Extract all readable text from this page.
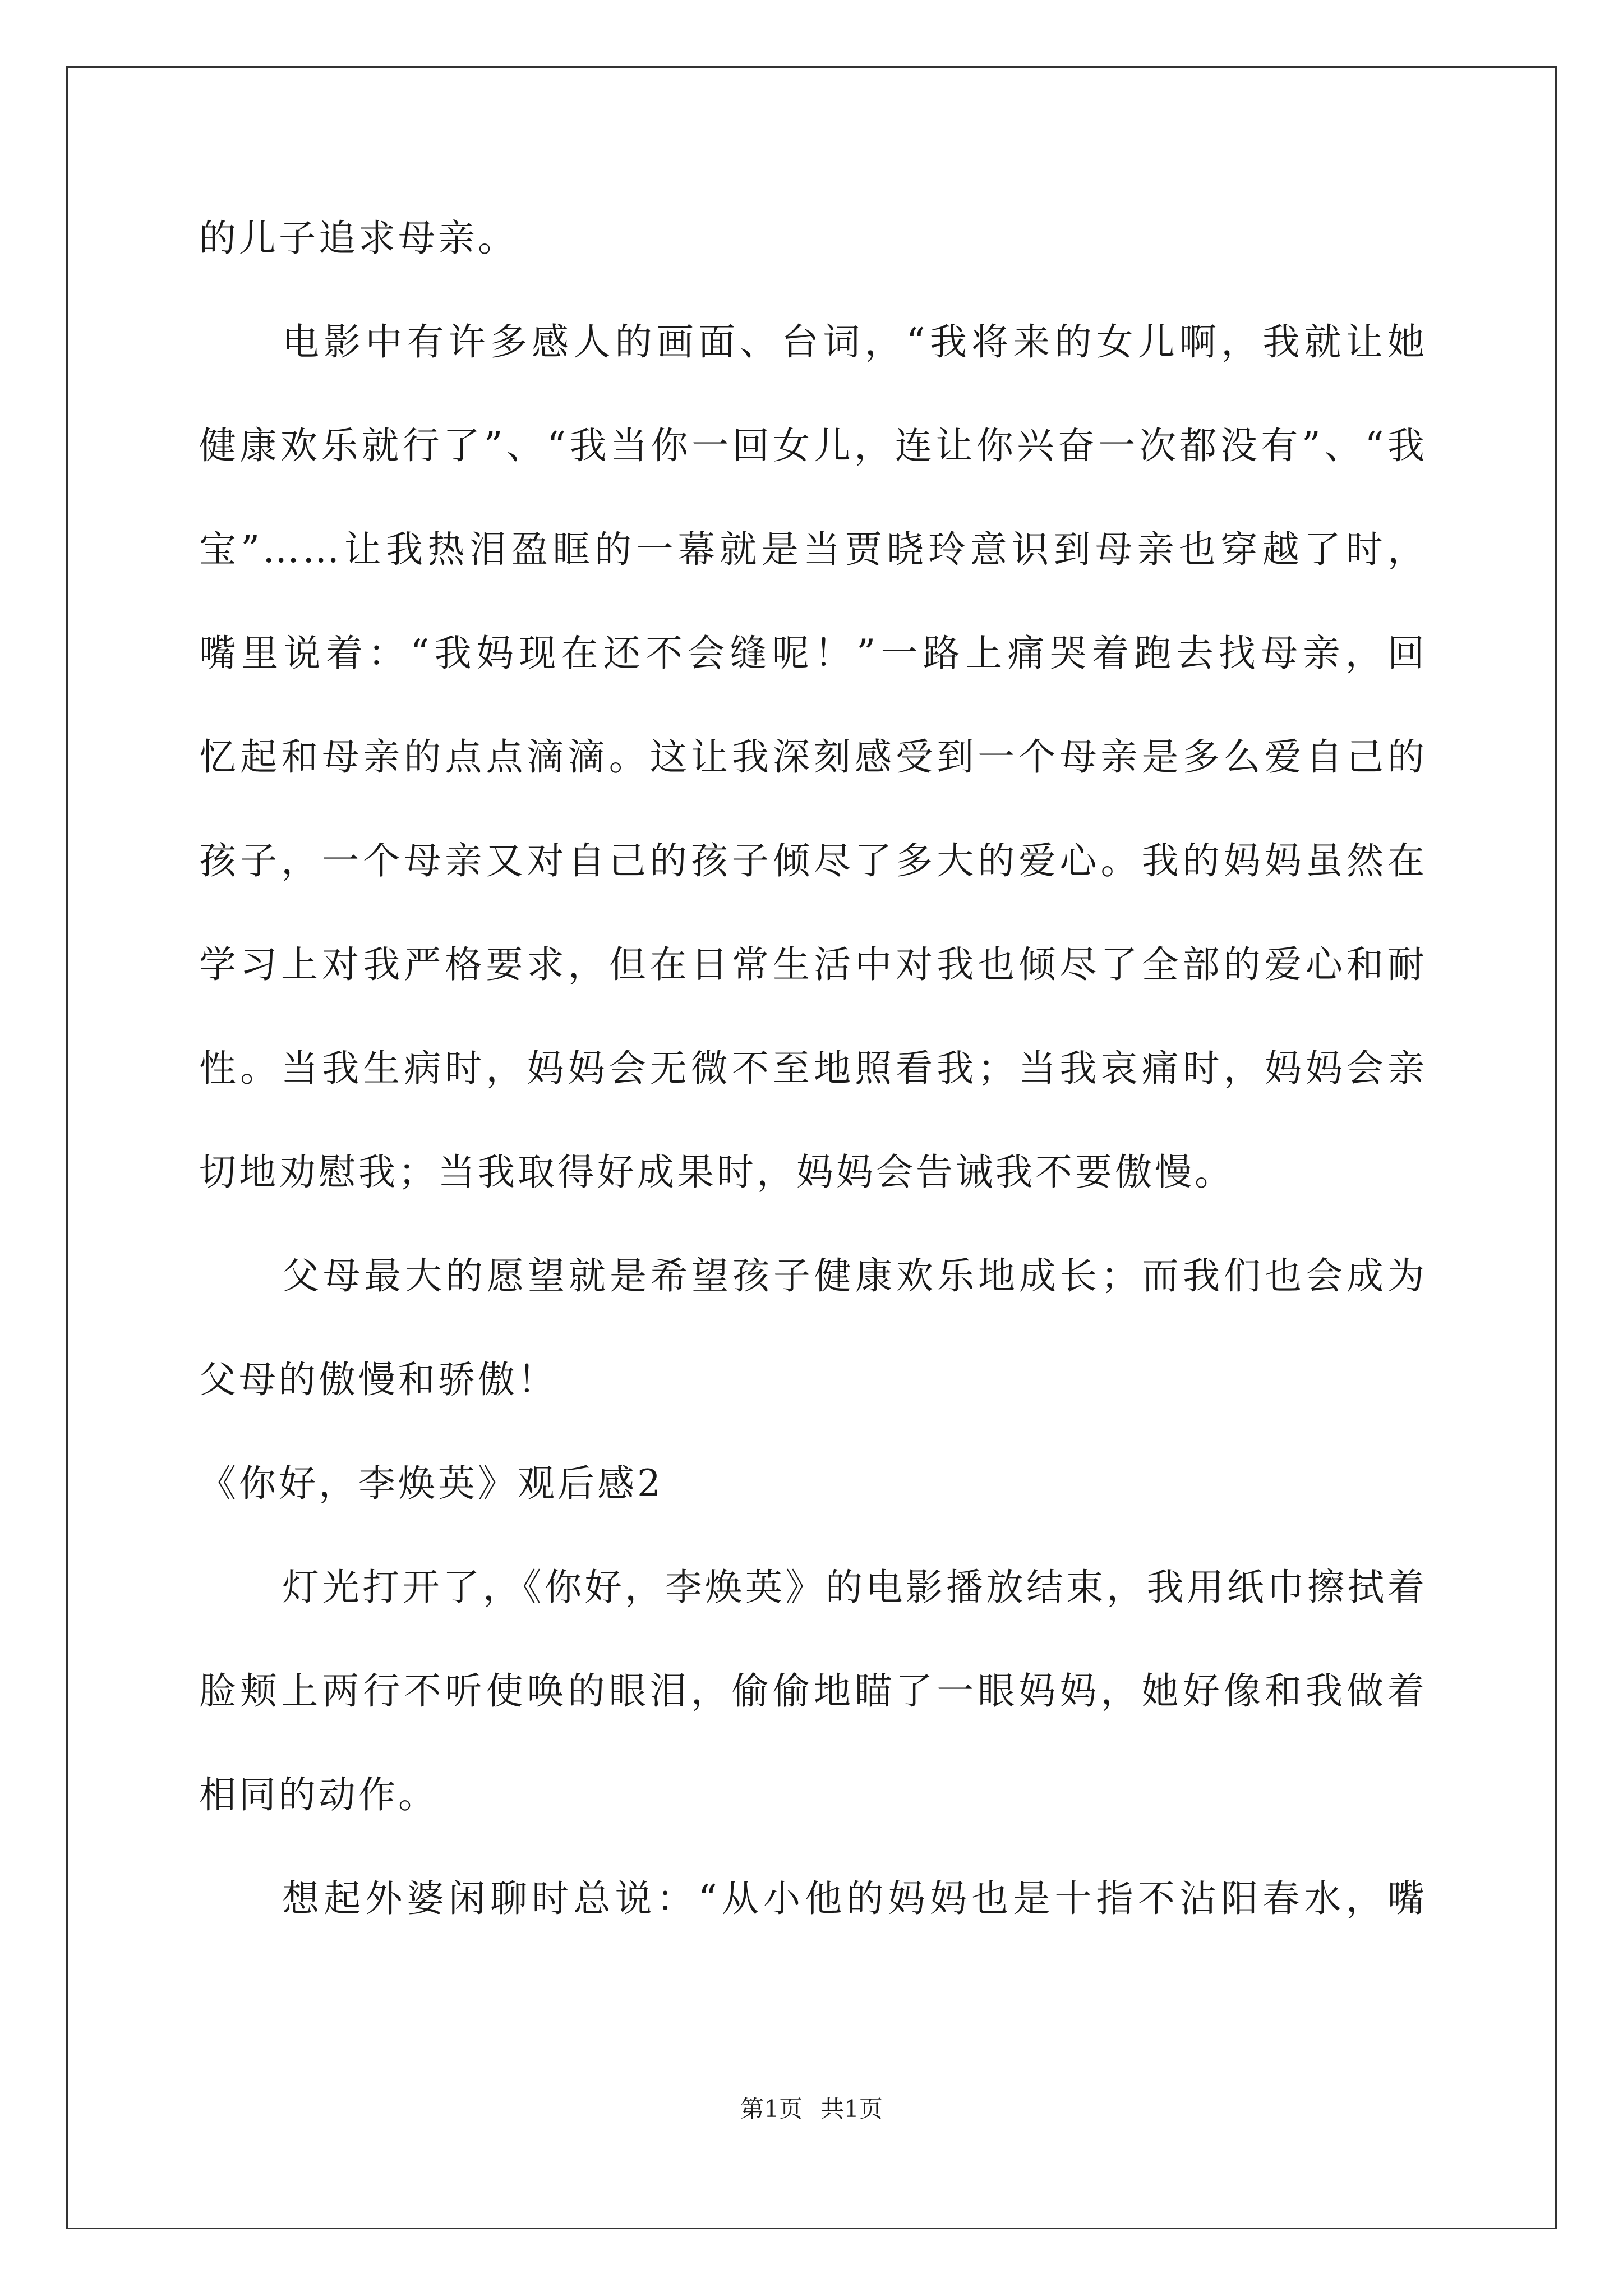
的儿子追求母亲。
电影中有许多感人的画面、台词，“我将来的女儿啊，我就让她
健康欢乐就行了”、“我当你一回女儿，连让你兴奋一次都没有”、“我
宝”……让我热泪盈眶的一幕就是当贾晓玲意识到母亲也穿越了时，
嘴里说着：“我妈现在还不会缝呢！”一路上痛哭着跑去找母亲，回
忆起和母亲的点点滴滴。这让我深刻感受到一个母亲是多么爱自己的
孩子，一个母亲又对自己的孩子倾尽了多大的爱心。我的妈妈虽然在
学习上对我严格要求，但在日常生活中对我也倾尽了全部的爱心和耐
性。当我生病时，妈妈会无微不至地照看我；当我哀痛时，妈妈会亲
切地劝慰我；当我取得好成果时，妈妈会告诫我不要傲慢。
父母最大的愿望就是希望孩子健康欢乐地成长；而我们也会成为
父母的傲慢和骄傲！
《你好，李焕英》观后感2
灯光打开了，《你好，李焕英》的电影播放结束，我用纸巾擦拭着
脸颊上两行不听使唤的眼泪，偷偷地瞄了一眼妈妈，她好像和我做着
相同的动作。
想起外婆闲聊时总说：“从小他的妈妈也是十指不沾阳春水，嘴
第1页 共1页
